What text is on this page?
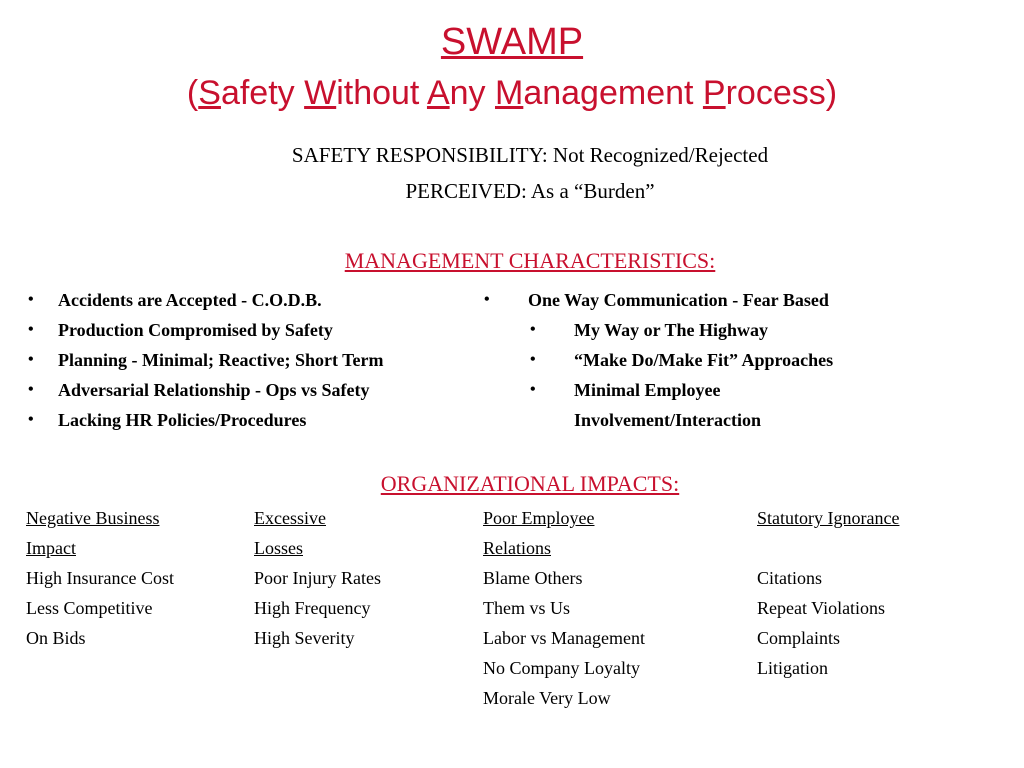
SWAMP
(Safety Without Any Management Process)
SAFETY RESPONSIBILITY: Not Recognized/Rejected
PERCEIVED: As a “Burden”
MANAGEMENT CHARACTERISTICS:
• Accidents are Accepted - C.O.D.B.
• Production Compromised by Safety
• Planning - Minimal; Reactive; Short Term
• Adversarial Relationship - Ops vs Safety
• Lacking HR Policies/Procedures
• One Way Communication - Fear Based
• My Way or The Highway
• “Make Do/Make Fit” Approaches
• Minimal Employee
Involvement/Interaction
ORGANIZATIONAL IMPACTS:
Negative Business
Impact
High Insurance Cost
Less Competitive
On Bids
Excessive
Losses
Poor Injury Rates
High Frequency
High Severity
Poor Employee
Relations
Blame Others
Them vs Us
Labor vs Management
No Company Loyalty
Morale Very Low
Statutory Ignorance

Citations
Repeat Violations
Complaints
Litigation
